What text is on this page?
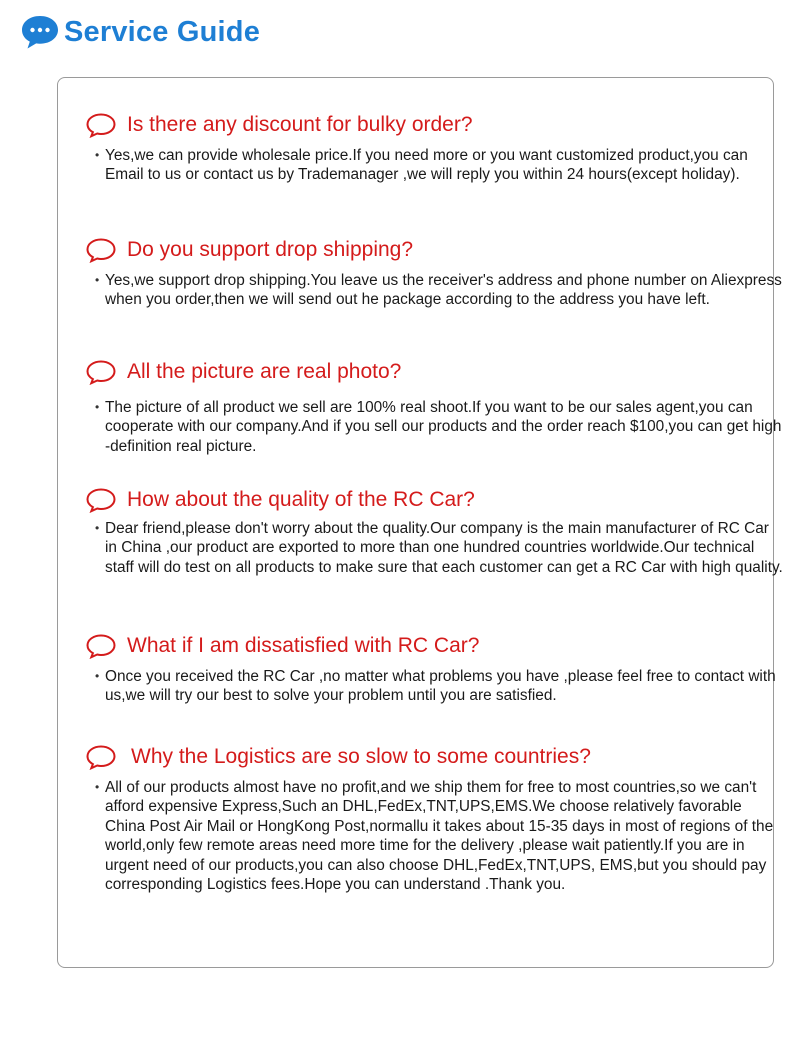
Service Guide
Is there any discount for bulky order?
• Yes,we can provide wholesale price.If you need more or you want customized product,you can Email to us or contact us by Trademanager ,we will reply you within 24 hours(except holiday).
Do you support drop shipping?
• Yes,we support drop shipping.You leave us the receiver's address and phone number on Aliexpress when you order,then we will send out he package according to the address you have left.
All the picture are real photo?
• The picture of all product we sell are 100% real shoot.If you want to be our sales agent,you can cooperate with our company.And if you sell our products and the order reach $100,you can get high -definition real picture.
How about the quality of the RC Car?
• Dear friend,please don't worry about the quality.Our company is the main manufacturer of RC Car in China ,our product are exported to more than one hundred countries worldwide.Our technical staff will do test on all products to make sure that each customer can get a RC Car with high quality.
What if I am dissatisfied with RC Car?
• Once you received the RC Car ,no matter what problems you have ,please feel free to contact with us,we will try our best to solve your problem until you are satisfied.
Why the Logistics are so slow to some countries?
• All of our products almost have no profit,and we ship them for free to most countries,so we can't afford expensive Express,Such an DHL,FedEx,TNT,UPS,EMS.We choose relatively favorable China Post Air Mail or HongKong Post,normallu it takes about 15-35 days in most of regions of the world,only few remote areas need more time for the delivery ,please wait patiently.If you are in urgent need of our products,you can also choose DHL,FedEx,TNT,UPS, EMS,but you should pay corresponding Logistics fees.Hope you can understand .Thank you.
